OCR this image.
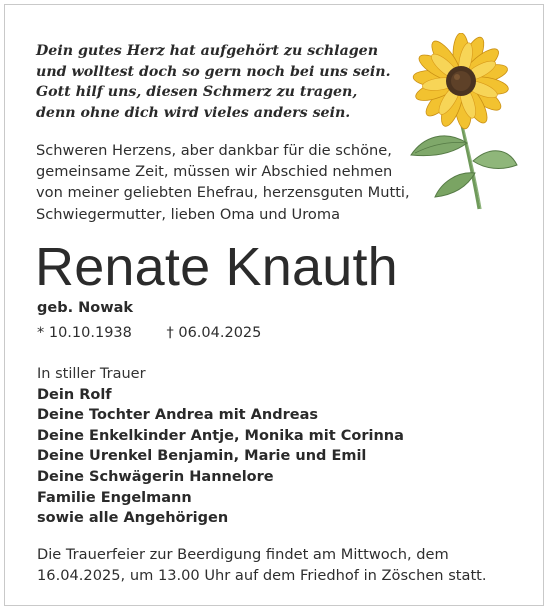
Dein gutes Herz hat aufgehört zu schlagen
und wolltest doch so gern noch bei uns sein.
Gott hilf uns, diesen Schmerz zu tragen,
denn ohne dich wird vieles anders sein.
Schweren Herzens, aber dankbar für die schöne,
gemeinsame Zeit, müssen wir Abschied nehmen
von meiner geliebten Ehefrau, herzensguten Mutti,
Schwiegermutter, lieben Oma und Uroma
Renate Knauth
geb. Nowak
* 10.10.1938 † 06.04.2025
In stiller Trauer
Dein Rolf
Deine Tochter Andrea mit Andreas
Deine Enkelkinder Antje, Monika mit Corinna
Deine Urenkel Benjamin, Marie und Emil
Deine Schwägerin Hannelore
Familie Engelmann
sowie alle Angehörigen
Die Trauerfeier zur Beerdigung findet am Mittwoch, dem
16.04.2025, um 13.00 Uhr auf dem Friedhof in Zöschen statt.
